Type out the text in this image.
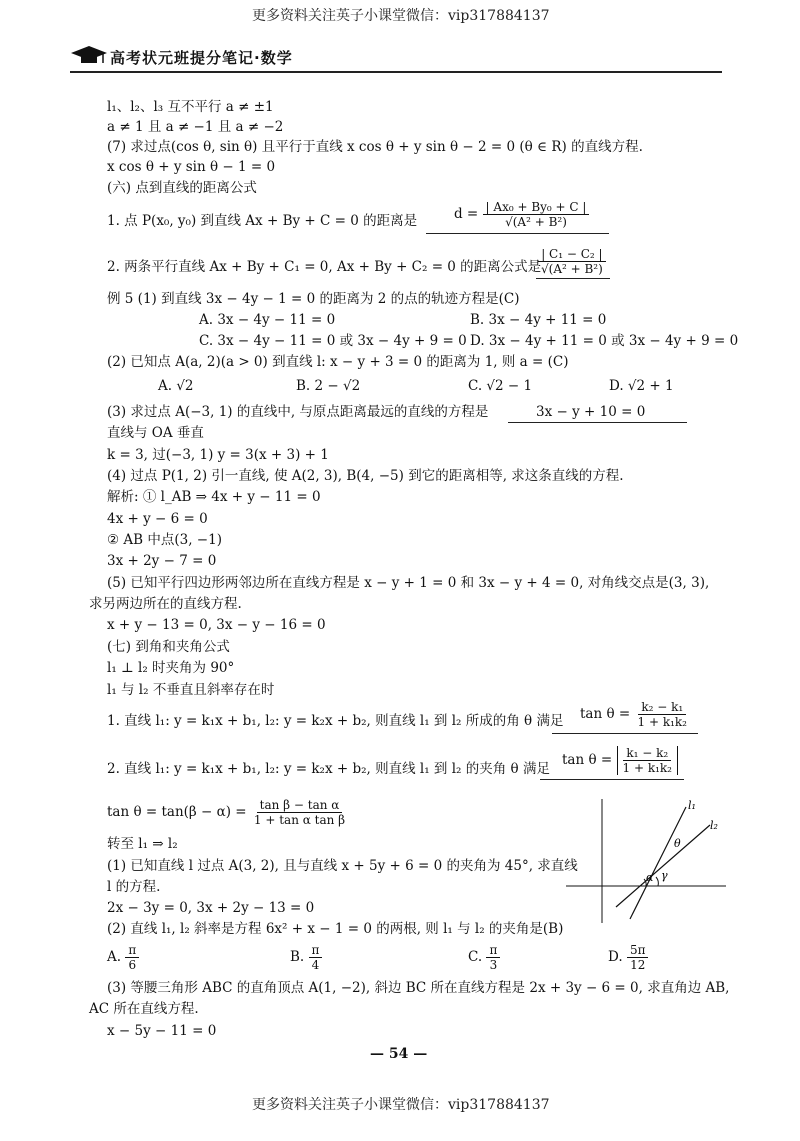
更多资料关注英子小课堂微信：vip317884137
高考状元班提分笔记·数学
l₁、l₂、l₃ 互不平行 a ≠ ±1
a ≠ 1 且 a ≠ −1 且 a ≠ −2
(7) 求过点(cos θ, sin θ) 且平行于直线 x cos θ + y sin θ − 2 = 0 (θ ∈ R) 的直线方程.
x cos θ + y sin θ − 1 = 0
(六) 点到直线的距离公式
1. 点 P(x₀, y₀) 到直线 Ax + By + C = 0 的距离是	$d = \frac{\text{| Ax₀ + By₀ + C |}}{\text{√(A² + B²)}}$
2. 两条平行直线 Ax + By + C₁ = 0, Ax + By + C₂ = 0 的距离公式是
$\frac{\text{| C₁ − C₂ |}}{\text{√(A² + B²)}}$
例 5 (1) 到直线 3x − 4y − 1 = 0 的距离为 2 的点的轨迹方程是(C)
A. 3x − 4y − 11 = 0	B. 3x − 4y + 11 = 0
C. 3x − 4y − 11 = 0 或 3x − 4y + 9 = 0 D. 3x − 4y + 11 = 0 或 3x − 4y + 9 = 0
(2) 已知点 A(a, 2)(a > 0) 到直线 l: x − y + 3 = 0 的距离为 1, 则 a = (C)
A. √2	B. 2 − √2	C. √2 − 1	D. √2 + 1
(3) 求过点 A(−3, 1) 的直线中, 与原点距离最远的直线的方程是	3x − y + 10 = 0
直线与 OA 垂直
k = 3, 过(−3, 1) y = 3(x + 3) + 1
(4) 过点 P(1, 2) 引一直线, 使 A(2, 3), B(4, −5) 到它的距离相等, 求这条直线的方程.
解析: ① l_AB ⇒ 4x + y − 11 = 0
4x + y − 6 = 0
② AB 中点(3, −1)
3x + 2y − 7 = 0
(5) 已知平行四边形两邻边所在直线方程是 x − y + 1 = 0 和 3x − y + 4 = 0, 对角线交点是(3, 3),
求另两边所在的直线方程.
x + y − 13 = 0, 3x − y − 16 = 0
(七) 到角和夹角公式
l₁ ⊥ l₂ 时夹角为 90°
l₁ 与 l₂ 不垂直且斜率存在时
1. 直线 l₁: y = k₁x + b₁, l₂: y = k₂x + b₂, 则直线 l₁ 到 l₂ 所成的角 θ 满足	$\tan \theta = \frac{\text{k₂ − k₁}}{\text{1 + k₁k₂}}$
2. 直线 l₁: y = k₁x + b₁, l₂: y = k₂x + b₂, 则直线 l₁ 到 l₂ 的夹角 θ 满足
$\tan \theta = \frac{\text{k₁ − k₂}}{\text{1 + k₁k₂}}$
$\tan \theta = \tan(\beta - \alpha) = \frac{\text{tan β − tan α}}{\text{1 + tan α tan β}}$
转至 l₁ ⇒ l₂
(1) 已知直线 l 过点 A(3, 2), 且与直线 x + 5y + 6 = 0 的夹角为 45°, 求直线
l 的方程.
2x − 3y = 0, 3x + 2y − 13 = 0
(2) 直线 l₁, l₂ 斜率是方程 6x² + x − 1 = 0 的两根, 则 l₁ 与 l₂ 的夹角是(B)
A. $\frac{\pi}{6}$	B. $\frac{\pi}{4}$	C. $\frac{\pi}{3}$	D. $\frac{5\pi}{12}$
(3) 等腰三角形 ABC 的直角顶点 A(1, −2), 斜边 BC 所在直线方程是 2x + 3y − 6 = 0, 求直角边 AB,
AC 所在直线方程.
x − 5y − 11 = 0
l₁
l₂
θ
α γ
— 54 —
更多资料关注英子小课堂微信：vip317884137
